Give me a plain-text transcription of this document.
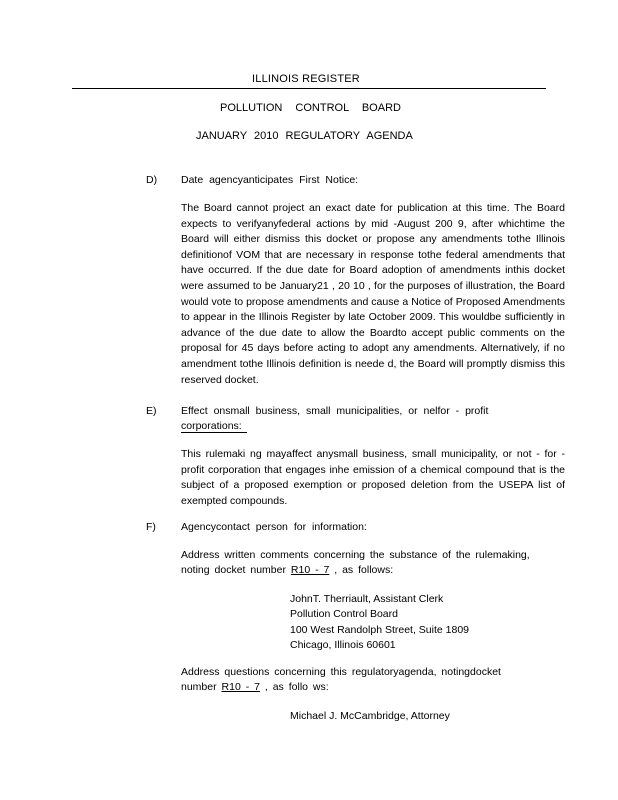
ILLINOIS REGISTER
POLLUTION CONTROL BOARD
JANUARY 2010 REGULATORY AGENDA
D) Date agencyanticipates First Notice:

The Board cannot project an exact date for publication at this time. The Board expects to verifyanyfederal actions by mid -August 200 9, after whichtime the Board will either dismiss this docket or propose any amendments tothe Illinois definitionof VOM that are necessary in response tothe federal amendments that have occurred. If the due date for Board adoption of amendments inthis docket were assumed to be January21 , 20 10 , for the purposes of illustration, the Board would vote to propose amendments and cause a Notice of Proposed Amendments to appear in the Illinois Register by late October 2009. This wouldbe sufficiently in advance of the due date to allow the Boardto accept public comments on the proposal for 45 days before acting to adopt any amendments. Alternatively, if no amendment tothe Illinois definition is neede d, the Board will promptly dismiss this reserved docket.

E) Effect onsmall business, small municipalities, or nelfor - profit
corporations:

This rulemaki ng mayaffect anysmall business, small municipality, or not - for - profit corporation that engages inhe emission of a chemical compound that is the subject of a proposed exemption or proposed deletion from the USEPA list of exempted compounds.

F) Agencycontact person for information:
Address written comments concerning the substance of the rulemaking,
noting docket number R10 - 7 , as follows:
JohnT. Therriault, Assistant Clerk
Pollution Control Board
100 West Randolph Street, Suite 1809
Chicago, Illinois 60601
Address questions concerning this regulatoryagenda, notingdocket
number R10 - 7 , as follo ws:
Michael J. McCambridge, Attorney
